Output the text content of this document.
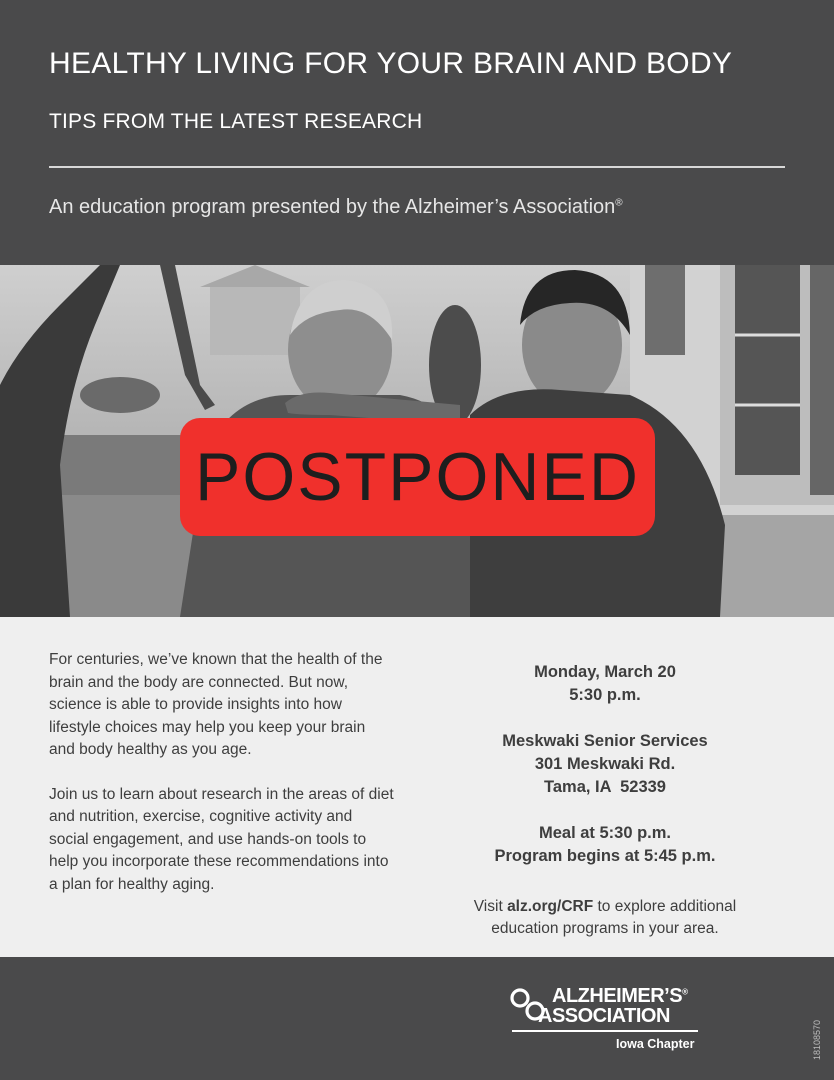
HEALTHY LIVING FOR YOUR BRAIN AND BODY
TIPS FROM THE LATEST RESEARCH
An education program presented by the Alzheimer’s Association®
POSTPONED

For centuries, we’ve known that the health of the brain and the body are connected. But now, science is able to provide insights into how lifestyle choices may help you keep your brain and body healthy as you age.

Join us to learn about research in the areas of diet and nutrition, exercise, cognitive activity and social engagement, and use hands-on tools to help you incorporate these recommendations into a plan for healthy aging.

Monday, March 20
5:30 p.m.
Meskwaki Senior Services
301 Meskwaki Rd.
Tama, IA  52339
Meal at 5:30 p.m.
Program begins at 5:45 p.m.
Visit alz.org/CRF to explore additional education programs in your area.
ALZHEIMER’S®
ASSOCIATION
Iowa Chapter	18108570
